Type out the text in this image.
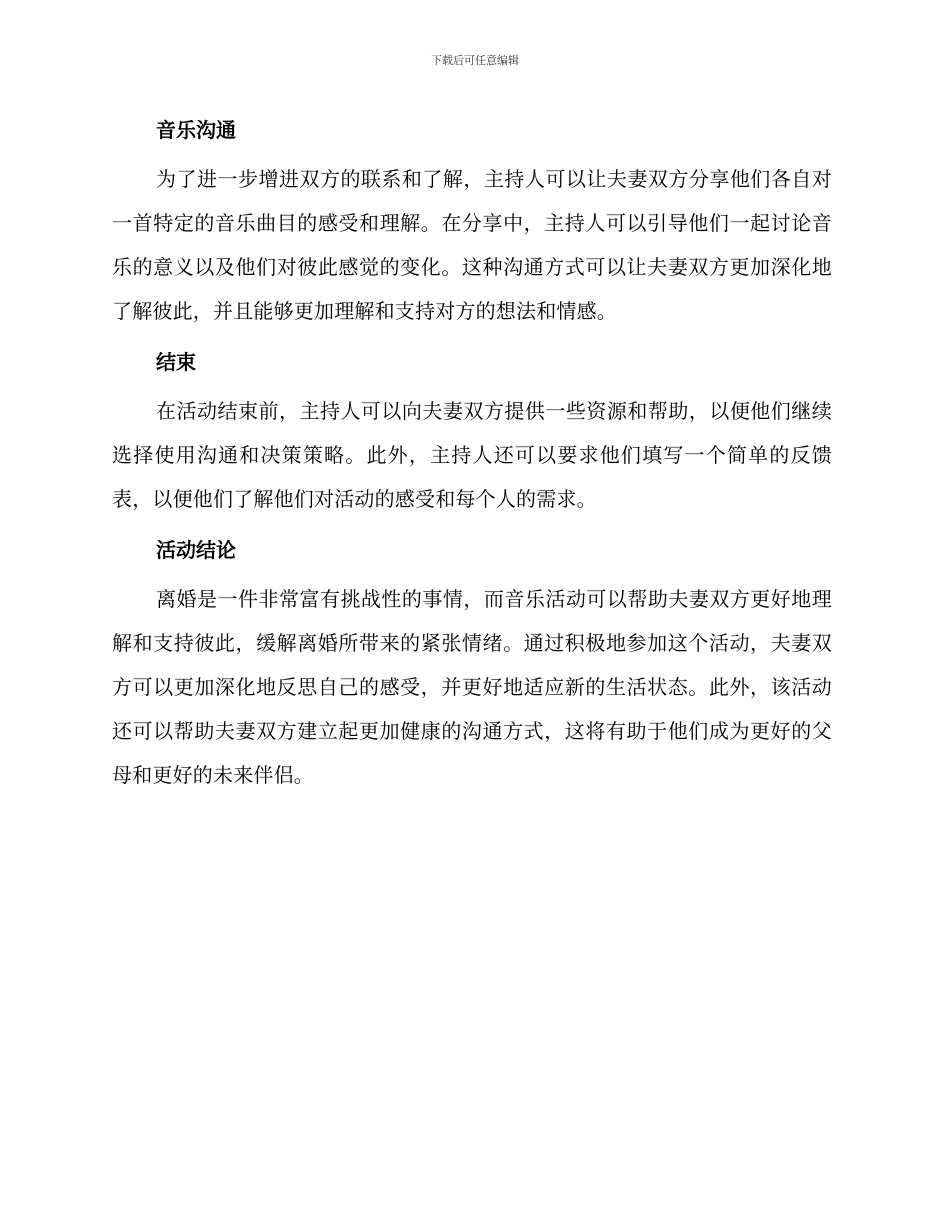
下载后可任意编辑
音乐沟通

为了进一步增进双方的联系和了解，主持人可以让夫妻双方分享他们各自对一首特定的音乐曲目的感受和理解。在分享中，主持人可以引导他们一起讨论音乐的意义以及他们对彼此感觉的变化。这种沟通方式可以让夫妻双方更加深化地了解彼此，并且能够更加理解和支持对方的想法和情感。

结束

在活动结束前，主持人可以向夫妻双方提供一些资源和帮助，以便他们继续选择使用沟通和决策策略。此外，主持人还可以要求他们填写一个简单的反馈表，以便他们了解他们对活动的感受和每个人的需求。

活动结论

离婚是一件非常富有挑战性的事情，而音乐活动可以帮助夫妻双方更好地理解和支持彼此，缓解离婚所带来的紧张情绪。通过积极地参加这个活动，夫妻双方可以更加深化地反思自己的感受，并更好地适应新的生活状态。此外，该活动还可以帮助夫妻双方建立起更加健康的沟通方式，这将有助于他们成为更好的父母和更好的未来伴侣。
